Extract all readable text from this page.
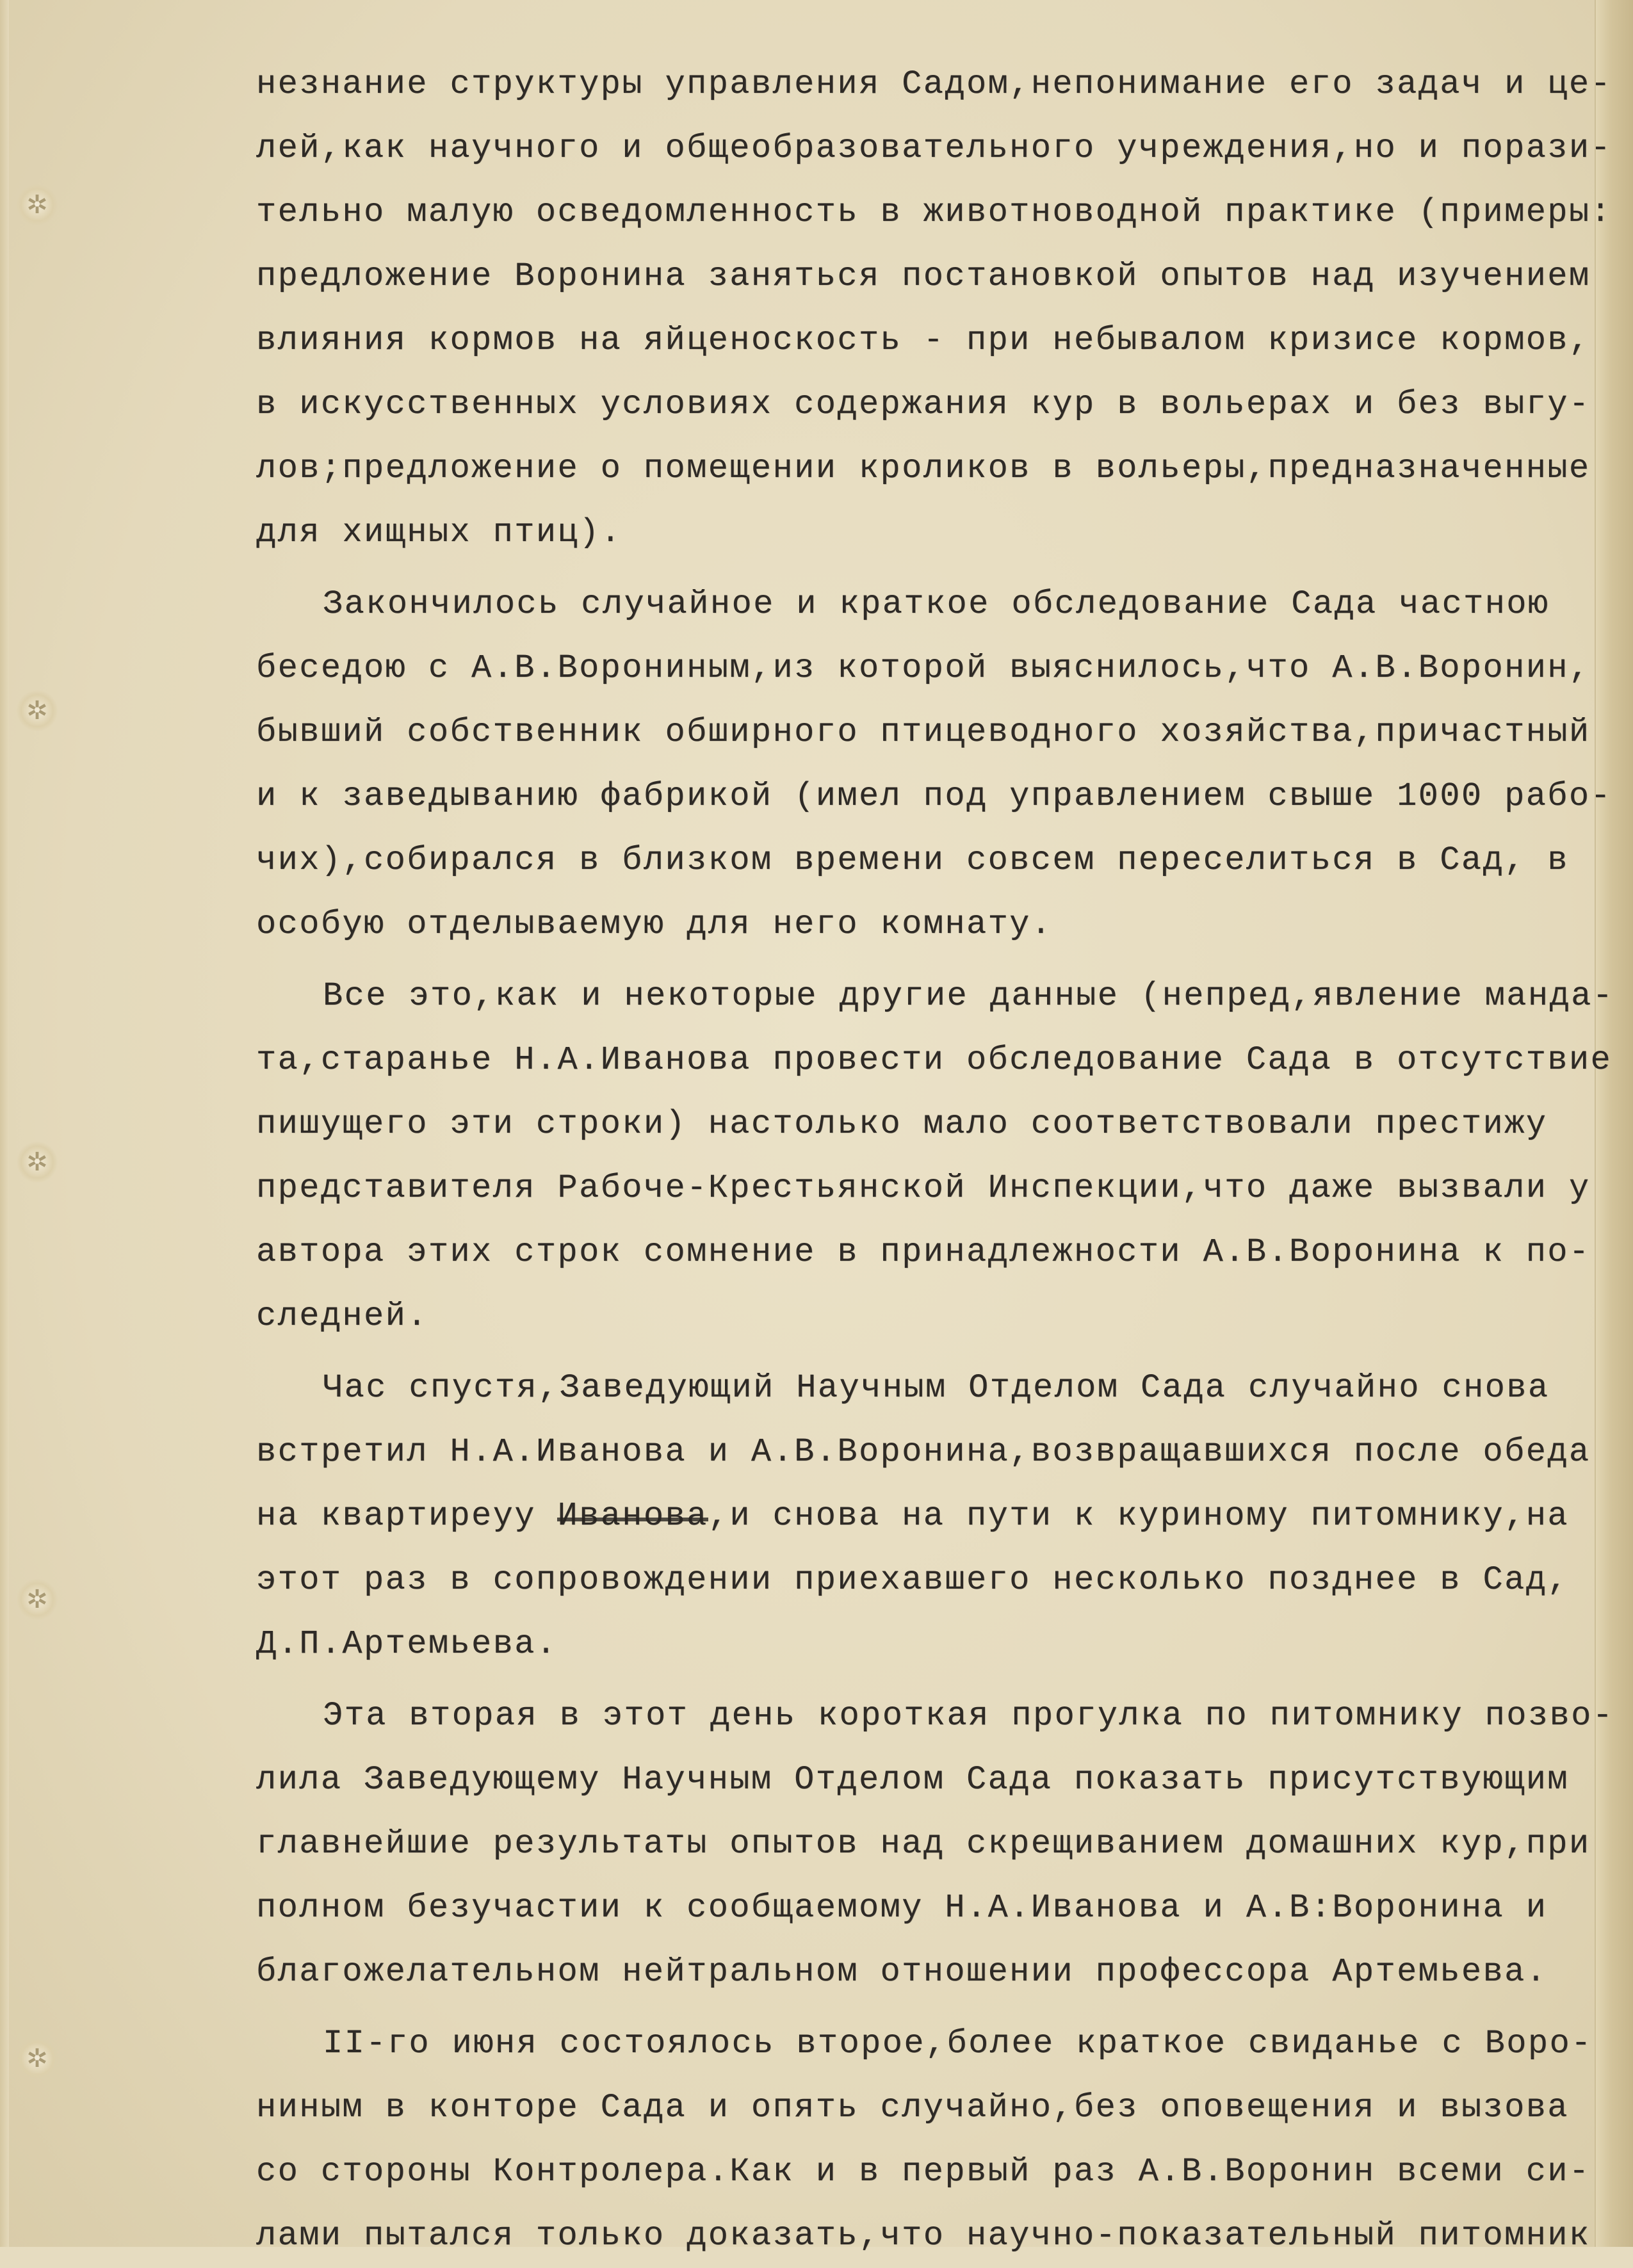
✲
✲
✲
✲
✲
незнание структуры управления Садом,непонимание его задач и це-
лей,как научного и общеобразовательного учреждения,но и порази-
тельно малую осведомленность в животноводной практике (примеры:
предложение Воронина заняться постановкой опытов над изучением
влияния кормов на яйценоскость - при небывалом кризисе кормов,
в искусственных условиях содержания кур в вольерах и без выгу-
лов;предложение о помещении кроликов в вольеры,предназначенные
для хищных птиц).
Закончилось случайное и краткое обследование Сада частною
беседою с А.В.Ворониным,из которой выяснилось,что А.В.Воронин,
бывший собственник обширного птицеводного хозяйства,причастный
и к заведыванию фабрикой (имел под управлением свыше 1000 рабо-
чих),собирался в близком времени совсем переселиться в Сад, в
особую отделываемую для него комнату.
Все это,как и некоторые другие данные (непред,явление манда-
та,старанье Н.А.Иванова провести обследование Сада в отсутствие
пишущего эти строки) настолько мало соответствовали престижу
представителя Рабоче-Крестьянской Инспекции,что даже вызвали у
автора этих строк сомнение в принадлежности А.В.Воронина к по-
следней.
Час спустя,Заведующий Научным Отделом Сада случайно снова
встретил Н.А.Иванова и А.В.Воронина,возвращавшихся после обеда
на квартиреуу Иванова,и снова на пути к куриному питомнику,на
этот раз в сопровождении приехавшего несколько позднее в Сад,
Д.П.Артемьева.
Эта вторая в этот день короткая прогулка по питомнику позво-
лила Заведующему Научным Отделом Сада показать присутствующим
главнейшие результаты опытов над скрещиванием домашних кур,при
полном безучастии к сообщаемому Н.А.Иванова и А.В:Воронина и
благожелательном нейтральном отношении профессора Артемьева.
II-го июня состоялось второе,более краткое свиданье с Воро-
ниным в конторе Сада и опять случайно,без оповещения и вызова
со стороны Контролера.Как и в первый раз А.В.Воронин всеми си-
лами пытался только доказать,что научно-показательный питомник
